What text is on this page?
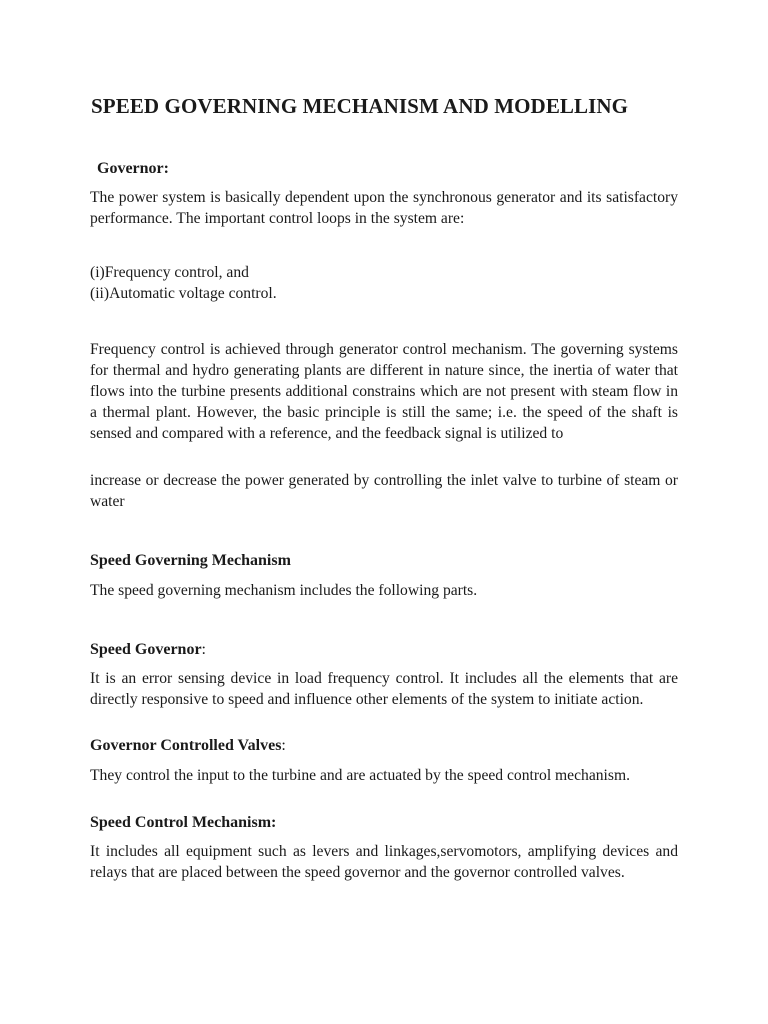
SPEED GOVERNING MECHANISM AND MODELLING
Governor:

The power system is basically dependent upon the synchronous generator and its satisfactory performance. The important control loops in the system are:

(i)Frequency control, and
(ii)Automatic voltage control.

Frequency control is achieved through generator control mechanism. The governing systems for thermal and hydro generating plants are different in nature since, the inertia of water that flows into the turbine presents additional constrains which are not present with steam flow in a thermal plant. However, the basic principle is still the same; i.e. the speed of the shaft is sensed and compared with a reference, and the feedback signal is utilized to

increase or decrease the power generated by controlling the inlet valve to turbine of steam or water

Speed Governing Mechanism

The speed governing mechanism includes the following parts.

Speed Governor:

It is an error sensing device in load frequency control. It includes all the elements that are directly responsive to speed and influence other elements of the system to initiate action.

Governor Controlled Valves:

They control the input to the turbine and are actuated by the speed control mechanism.

Speed Control Mechanism:

It includes all equipment such as levers and linkages,servomotors, amplifying devices and relays that are placed between the speed governor and the governor controlled valves.
